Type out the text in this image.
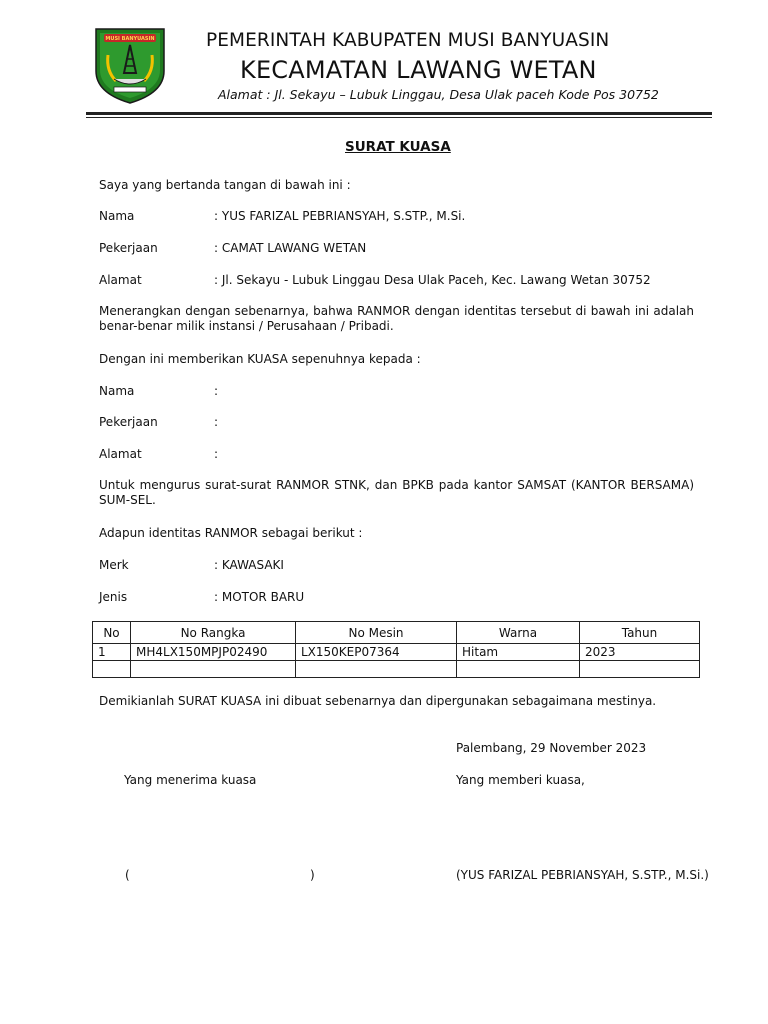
MUSI BANYUASIN	PEMERINTAH KABUPATEN MUSI BANYUASIN
KECAMATAN LAWANG WETAN
Alamat : Jl. Sekayu – Lubuk Linggau, Desa Ulak paceh Kode Pos 30752
SURAT KUASA
Saya yang bertanda tangan di bawah ini :
Nama	: YUS FARIZAL PEBRIANSYAH, S.STP., M.Si.
Pekerjaan	: CAMAT LAWANG WETAN
Alamat	: Jl. Sekayu - Lubuk Linggau Desa Ulak Paceh, Kec. Lawang Wetan 30752
Menerangkan dengan sebenarnya, bahwa RANMOR dengan identitas tersebut di bawah ini adalah benar-benar milik instansi / Perusahaan / Pribadi.
Dengan ini memberikan KUASA sepenuhnya kepada :
Nama	:
Pekerjaan	:
Alamat	:
Untuk mengurus surat-surat RANMOR STNK, dan BPKB pada kantor SAMSAT (KANTOR BERSAMA) SUM-SEL.
Adapun identitas RANMOR sebagai berikut :
Merk	: KAWASAKI
Jenis	: MOTOR BARU
No	No Rangka	No Mesin	Warna	Tahun
1	MH4LX150MPJP02490	LX150KEP07364	Hitam	2023

Demikianlah SURAT KUASA ini dibuat sebenarnya dan dipergunakan sebagaimana mestinya.
Palembang, 29 November 2023
Yang menerima kuasa	Yang memberi kuasa,
(	)	(YUS FARIZAL PEBRIANSYAH, S.STP., M.Si.)
